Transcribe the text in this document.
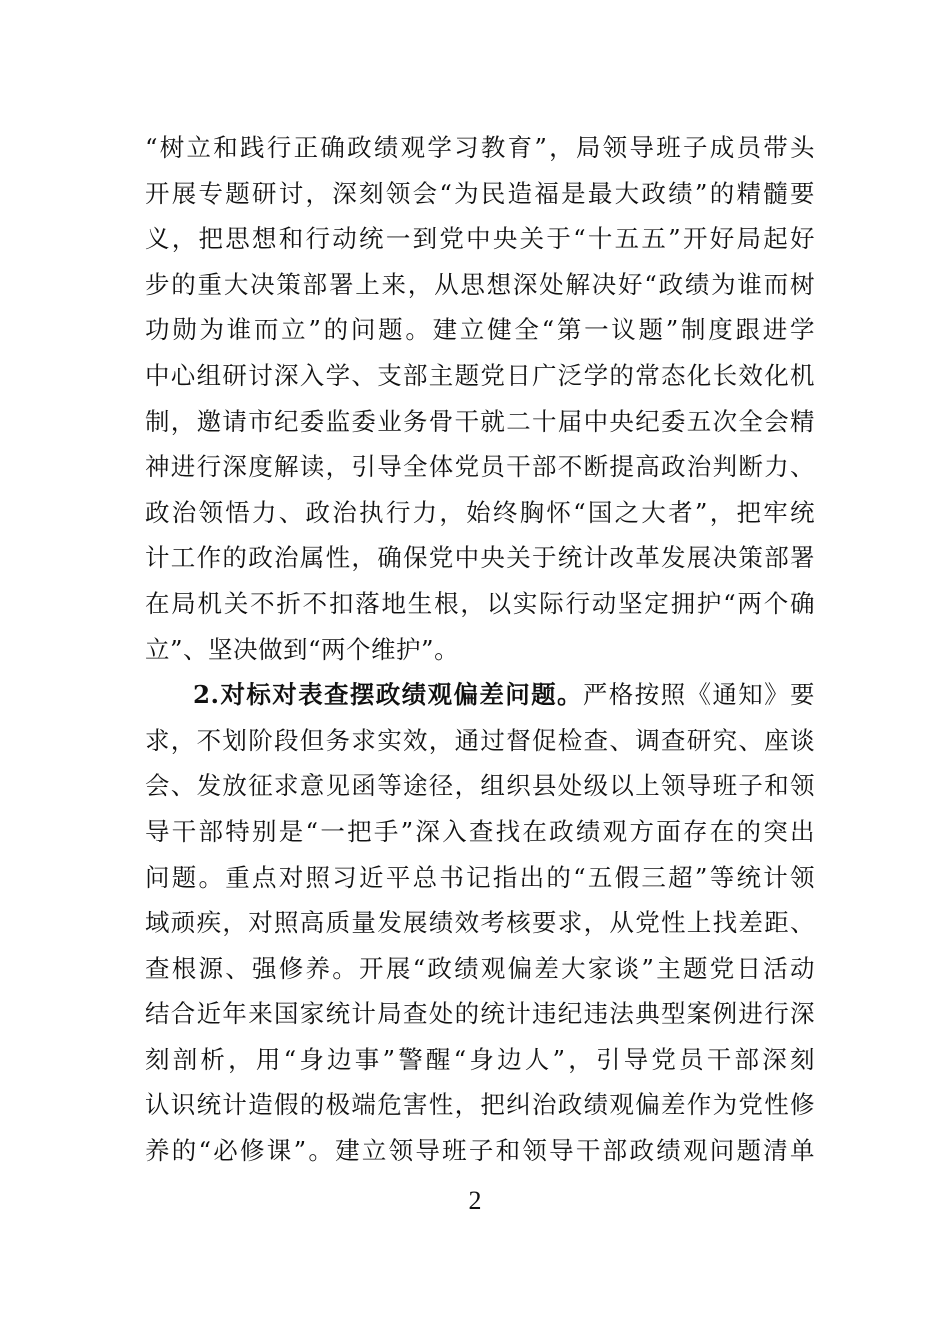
“树立和践行正确政绩观学习教育”，局领导班子成员带头
开展专题研讨，深刻领会“为民造福是最大政绩”的精髓要
义，把思想和行动统一到党中央关于“十五五”开好局起好
步的重大决策部署上来，从思想深处解决好“政绩为谁而树
功勋为谁而立”的问题。建立健全“第一议题”制度跟进学
中心组研讨深入学、支部主题党日广泛学的常态化长效化机
制，邀请市纪委监委业务骨干就二十届中央纪委五次全会精
神进行深度解读，引导全体党员干部不断提高政治判断力、
政治领悟力、政治执行力，始终胸怀“国之大者”，把牢统
计工作的政治属性，确保党中央关于统计改革发展决策部署
在局机关不折不扣落地生根，以实际行动坚定拥护“两个确
立”、坚决做到“两个维护”。
2.对标对表查摆政绩观偏差问题。严格按照《通知》要
求，不划阶段但务求实效，通过督促检查、调查研究、座谈
会、发放征求意见函等途径，组织县处级以上领导班子和领
导干部特别是“一把手”深入查找在政绩观方面存在的突出
问题。重点对照习近平总书记指出的“五假三超”等统计领
域顽疾，对照高质量发展绩效考核要求，从党性上找差距、
查根源、强修养。开展“政绩观偏差大家谈”主题党日活动
结合近年来国家统计局查处的统计违纪违法典型案例进行深
刻剖析，用“身边事”警醒“身边人”，引导党员干部深刻
认识统计造假的极端危害性，把纠治政绩观偏差作为党性修
养的“必修课”。建立领导班子和领导干部政绩观问题清单
2
